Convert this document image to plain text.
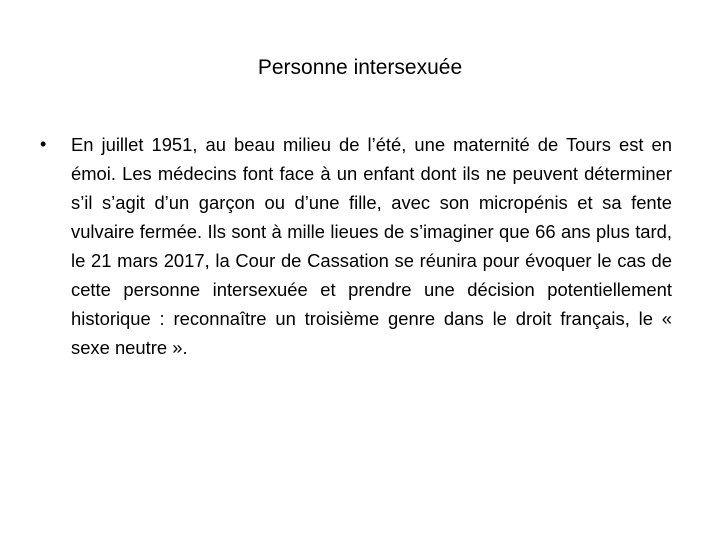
Personne intersexuée
•	En juillet 1951, au beau milieu de l’été, une maternité de Tours est en émoi. Les médecins font face à un enfant dont ils ne peuvent déterminer s’il s’agit d’un garçon ou d’une fille, avec son micropénis et sa fente vulvaire fermée. Ils sont à mille lieues de s’imaginer que 66 ans plus tard, le 21 mars 2017, la Cour de Cassation se réunira pour évoquer le cas de cette personne intersexuée et prendre une décision potentiellement historique : reconnaître un troisième genre dans le droit français, le « sexe neutre ».
